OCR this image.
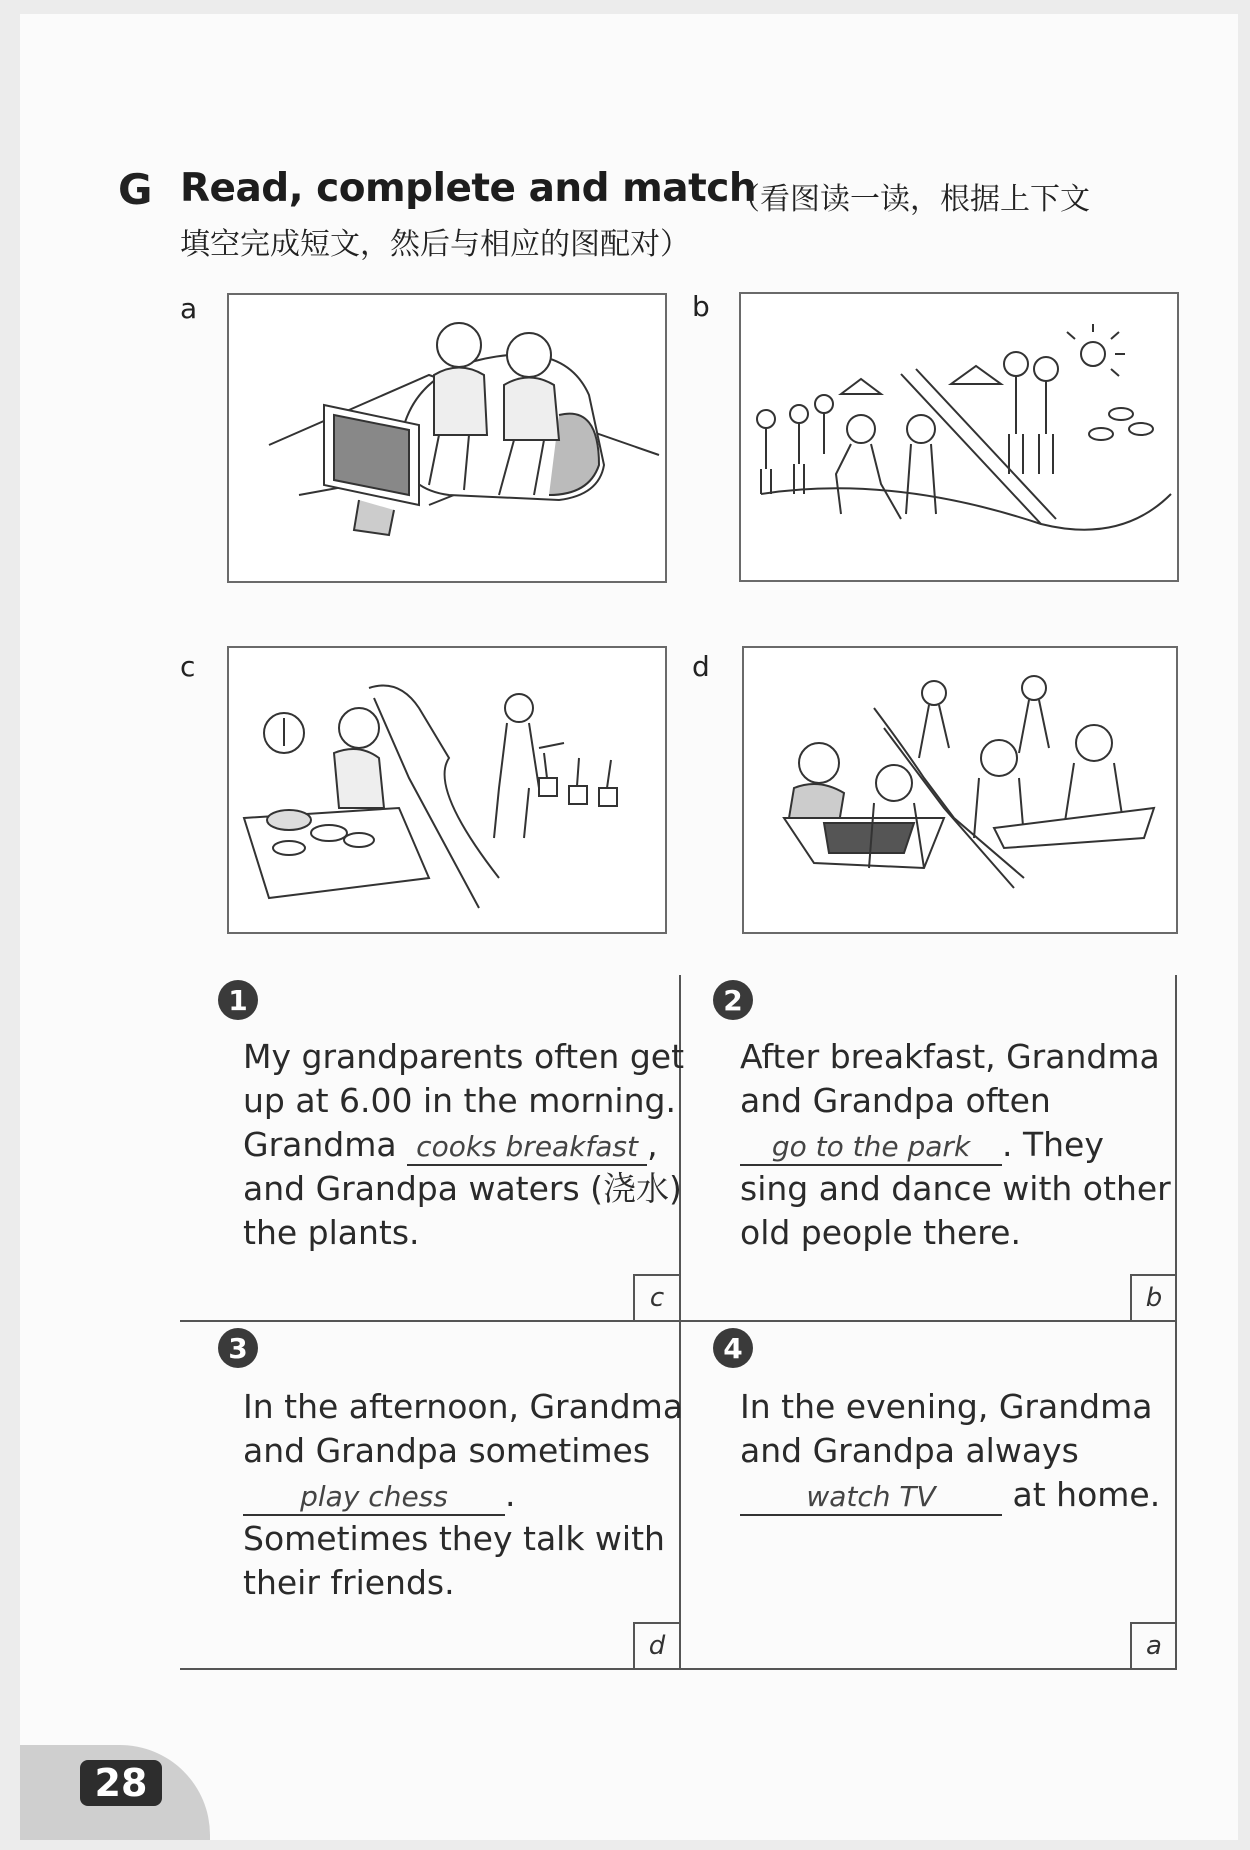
G Read, complete and match
（看图读一读，根据上下文
填空完成短文，然后与相应的图配对）
a	b
c	d
1
My grandparents often get
up at 6.00 in the morning.
Grandma cooks breakfast ,
and Grandpa waters (浇水)
the plants.
c
2
After breakfast, Grandma
and Grandpa often
go to the park . They
sing and dance with other
old people there.
b
3
In the afternoon, Grandma
and Grandpa sometimes
play chess .
Sometimes they talk with
their friends.
d
4
In the evening, Grandma
and Grandpa always
watch TV at home.
a
28
